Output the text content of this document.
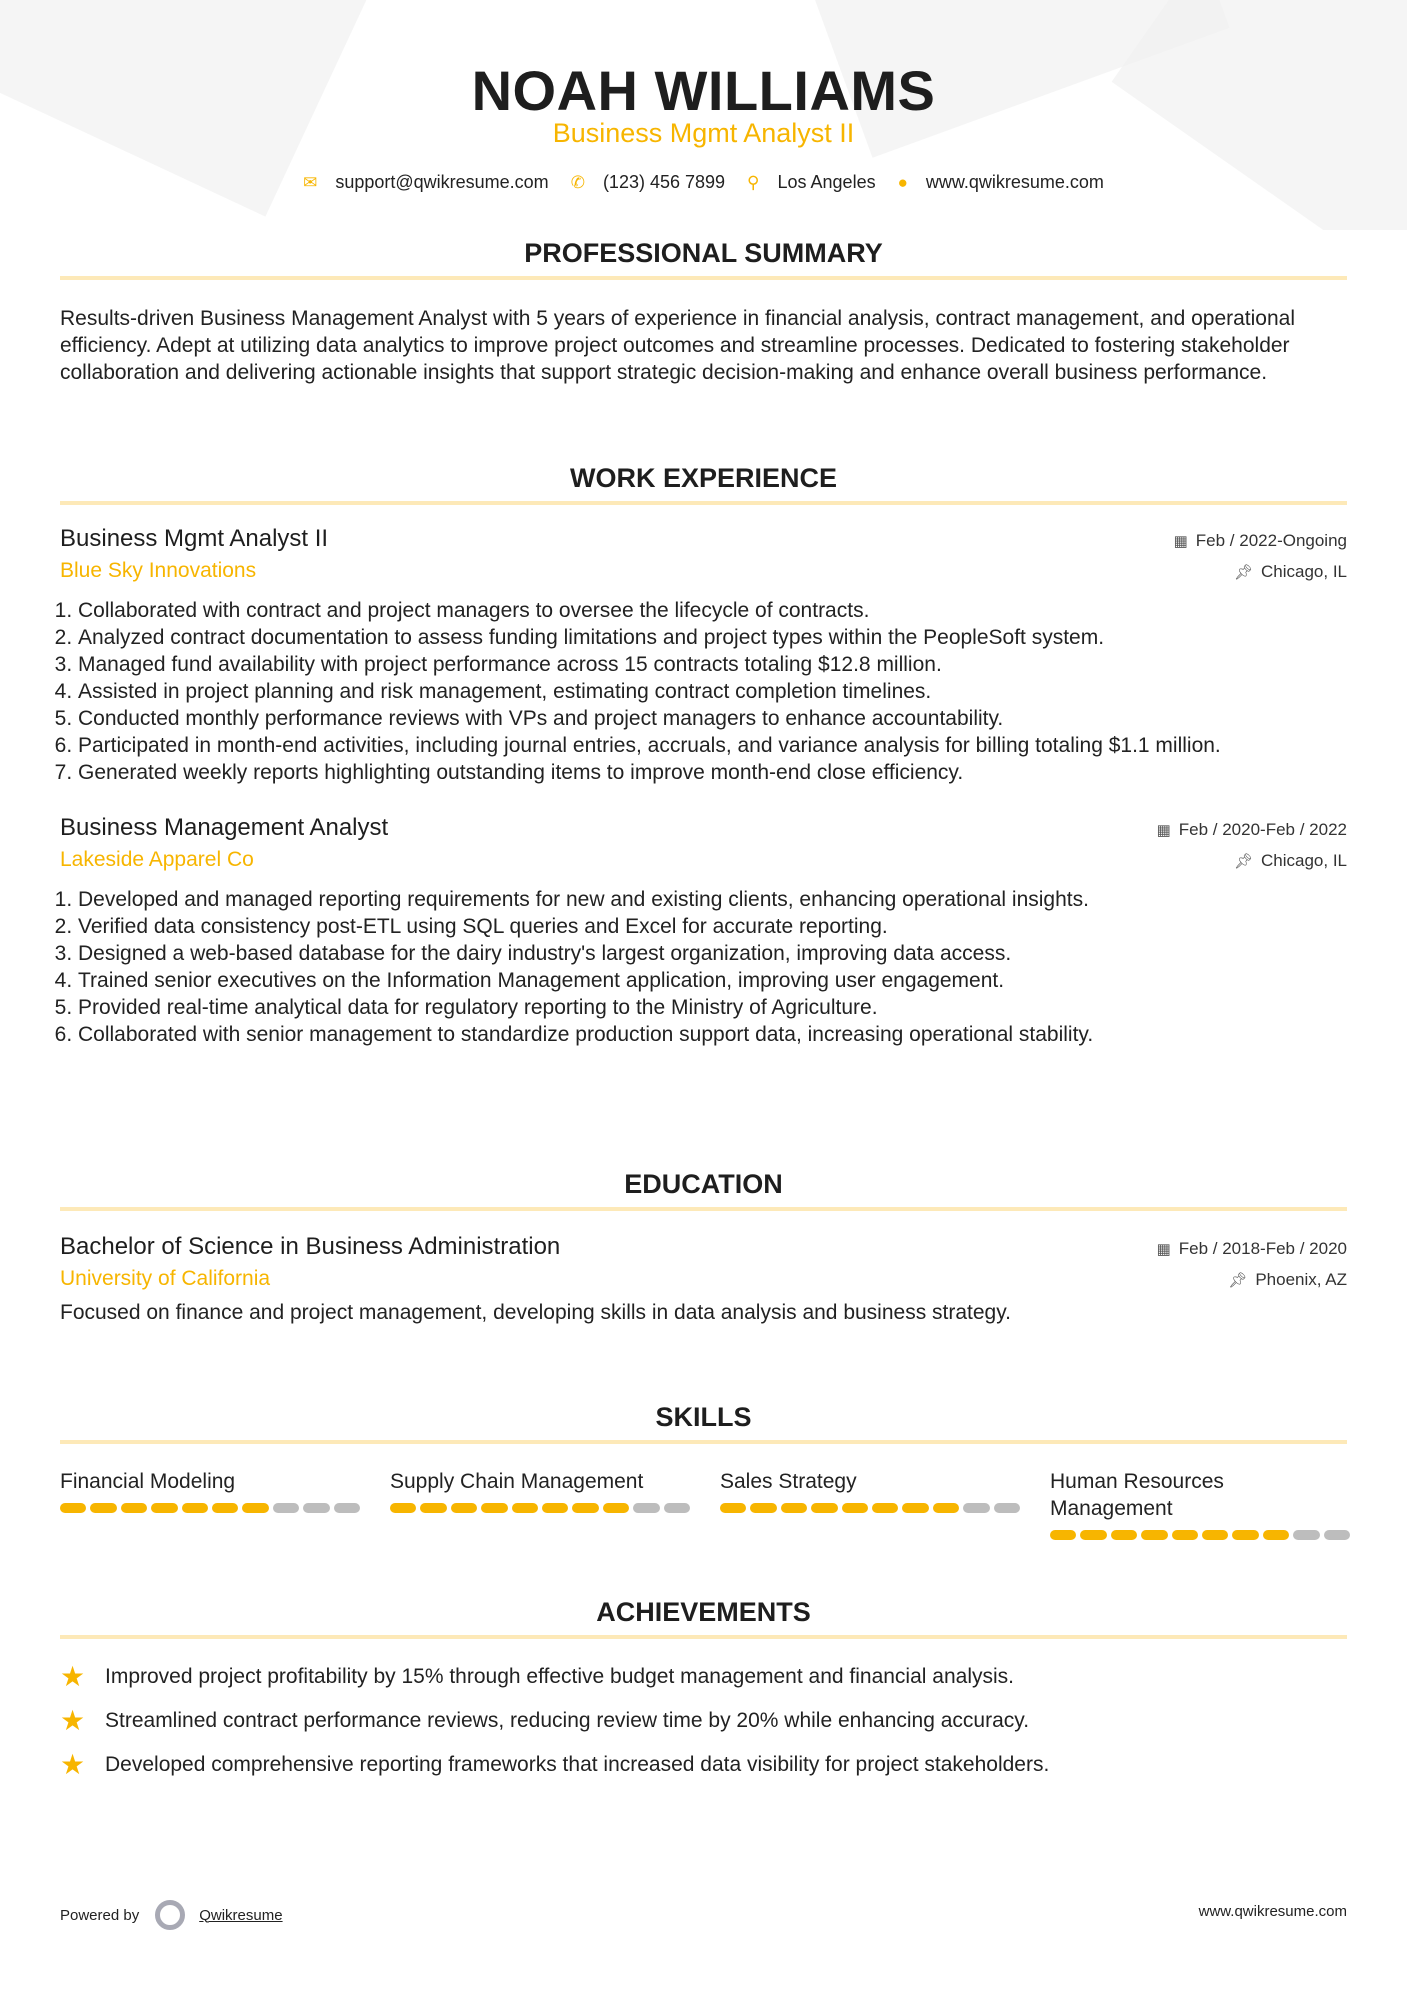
NOAH WILLIAMS
Business Mgmt Analyst II
✉ support@qwikresume.com ✆ (123) 456 7899 ⚲ Los Angeles ● www.qwikresume.com
PROFESSIONAL SUMMARY

Results-driven Business Management Analyst with 5 years of experience in financial analysis, contract management, and operational efficiency. Adept at utilizing data analytics to improve project outcomes and streamline processes. Dedicated to fostering stakeholder collaboration and delivering actionable insights that support strategic decision-making and enhance overall business performance.

WORK EXPERIENCE
Business Mgmt Analyst II	▦ Feb / 2022-Ongoing
Blue Sky Innovations	📌︎ Chicago, IL
1. Collaborated with contract and project managers to oversee the lifecycle of contracts.
2. Analyzed contract documentation to assess funding limitations and project types within the PeopleSoft system.
3. Managed fund availability with project performance across 15 contracts totaling $12.8 million.
4. Assisted in project planning and risk management, estimating contract completion timelines.
5. Conducted monthly performance reviews with VPs and project managers to enhance accountability.
6. Participated in month-end activities, including journal entries, accruals, and variance analysis for billing totaling $1.1 million.
7. Generated weekly reports highlighting outstanding items to improve month-end close efficiency.
Business Management Analyst	▦ Feb / 2020-Feb / 2022
Lakeside Apparel Co	📌︎ Chicago, IL
1. Developed and managed reporting requirements for new and existing clients, enhancing operational insights.
2. Verified data consistency post-ETL using SQL queries and Excel for accurate reporting.
3. Designed a web-based database for the dairy industry's largest organization, improving data access.
4. Trained senior executives on the Information Management application, improving user engagement.
5. Provided real-time analytical data for regulatory reporting to the Ministry of Agriculture.
6. Collaborated with senior management to standardize production support data, increasing operational stability.
EDUCATION
Bachelor of Science in Business Administration	▦ Feb / 2018-Feb / 2020
University of California	📌︎ Phoenix, AZ

Focused on finance and project management, developing skills in data analysis and business strategy.

SKILLS
Financial Modeling	Supply Chain Management	Sales Strategy	Human Resources Management
ACHIEVEMENTS
★ Improved project profitability by 15% through effective budget management and financial analysis.
★ Streamlined contract performance reviews, reducing review time by 20% while enhancing accuracy.
★ Developed comprehensive reporting frameworks that increased data visibility for project stakeholders.
Powered by	Qwikresume	www.qwikresume.com
